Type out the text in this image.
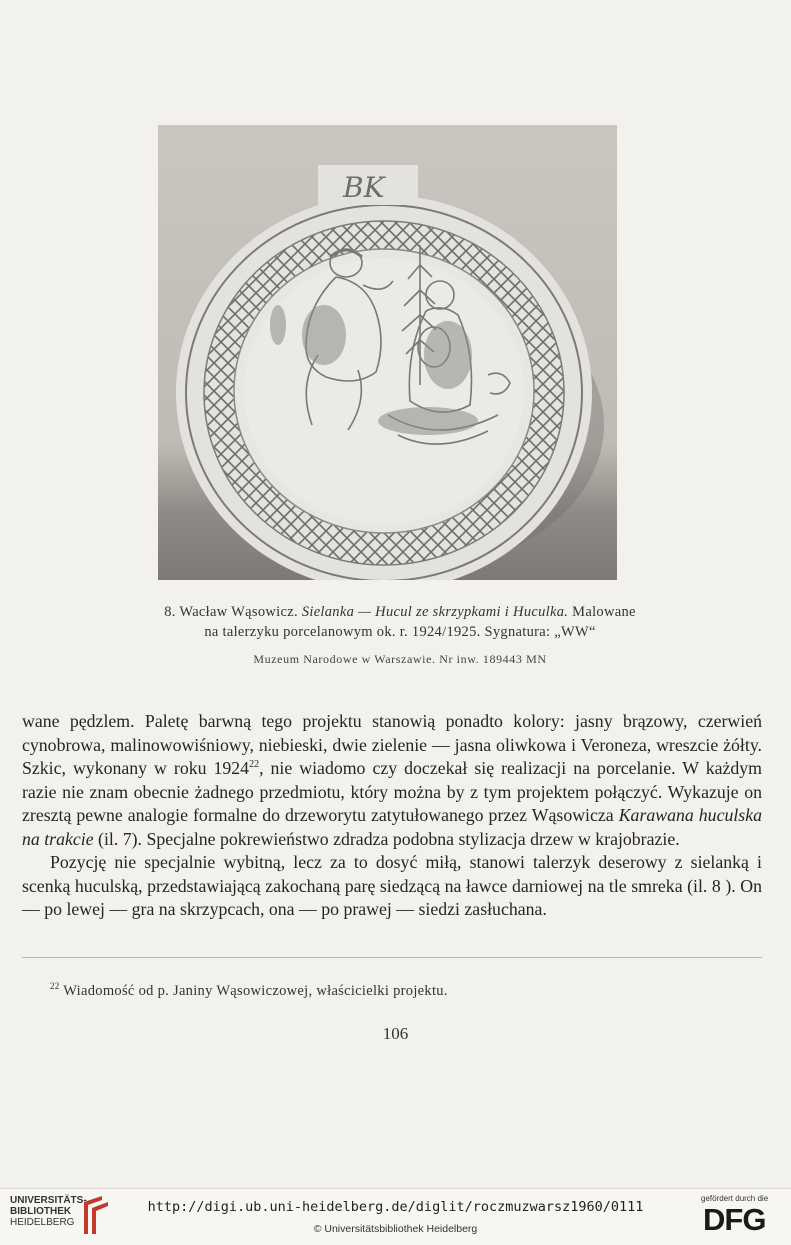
BK
8. Wacław Wąsowicz. Sielanka — Hucul ze skrzypkami i Huculka. Malowane
na talerzyku porcelanowym ok. r. 1924/1925. Sygnatura: „WW“
Muzeum Narodowe w Warszawie. Nr inw. 189443 MN

wane pędzlem. Paletę barwną tego projektu stanowią ponadto kolory: jasny brązowy, czerwień cynobrowa, malinowowiśniowy, niebieski, dwie zielenie — jasna oliwkowa i Veroneza, wreszcie żółty. Szkic, wykonany w roku 1924$^{22}$, nie wiadomo czy doczekał się realizacji na porcelanie. W każdym razie nie znam obecnie żadnego przedmiotu, który można by z tym projektem połączyć. Wykazuje on zresztą pewne analogie formalne do drzeworytu zatytułowanego przez Wąsowicza Karawana huculska na trakcie (il. 7). Specjalne pokrewieństwo zdradza podobna stylizacja drzew w krajobrazie.

Pozycję nie specjalnie wybitną, lecz za to dosyć miłą, stanowi talerzyk deserowy z sielanką i scenką huculską, przedstawiającą zakochaną parę siedzącą na ławce darniowej na tle smreka (il. 8 ). On — po lewej — gra na skrzypcach, ona — po prawej — siedzi zasłuchana.

$^{22}$ Wiadomość od p. Janiny Wąsowiczowej, właścicielki projektu.
106
UNIVERSITÄTS-
BIBLIOTHEK
HEIDELBERG
http://digi.ub.uni-heidelberg.de/diglit/roczmuzwarsz1960/0111
© Universitätsbibliothek Heidelberg
gefördert durch die
DFG
